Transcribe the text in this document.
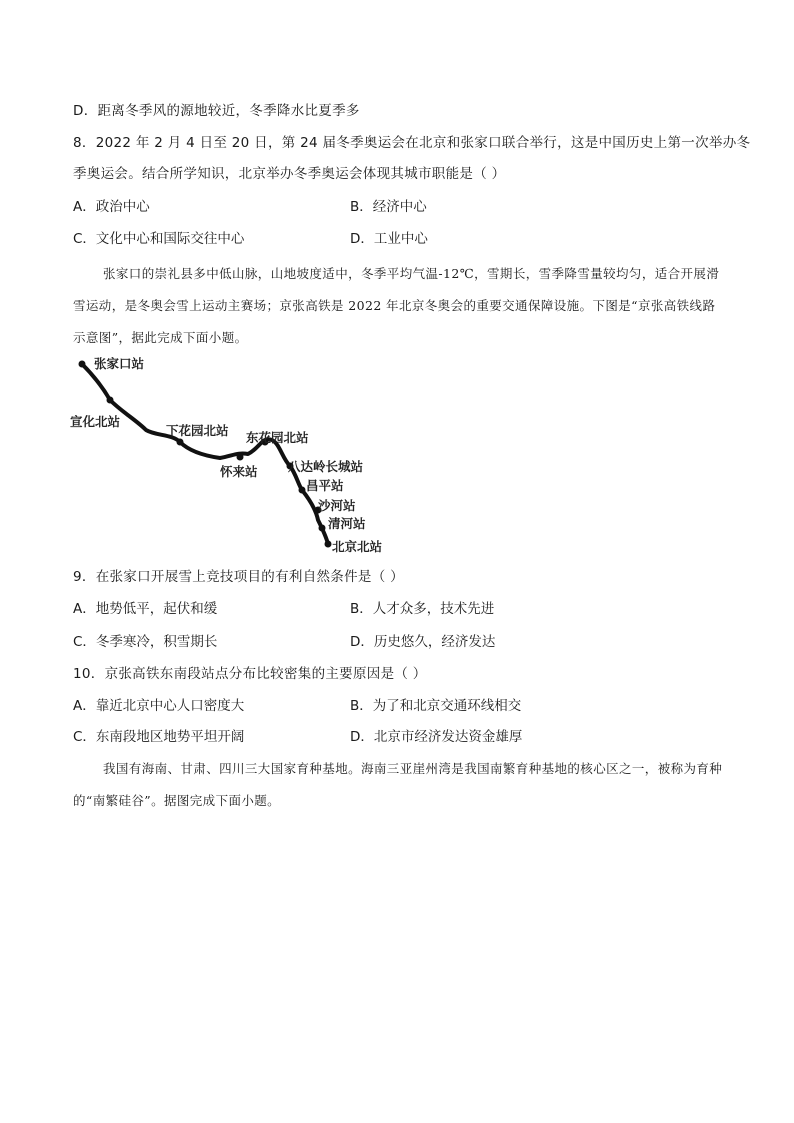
D．距离冬季风的源地较近，冬季降水比夏季多
8．2022 年 2 月 4 日至 20 日，第 24 届冬季奥运会在北京和张家口联合举行，这是中国历史上第一次举办冬
季奥运会。结合所学知识，北京举办冬季奥运会体现其城市职能是（ ）
A．政治中心	B．经济中心
C．文化中心和国际交往中心	D．工业中心
张家口的崇礼县多中低山脉，山地坡度适中，冬季平均气温-12℃，雪期长，雪季降雪量较均匀，适合开展滑雪运动，是冬奥会雪上运动主赛场；京张高铁是 2022 年北京冬奥会的重要交通保障设施。下图是“京张高铁线路示意图”，据此完成下面小题。
张家口站
宣化北站
下花园北站 东花园北站
怀来站 八达岭长城站
昌平站
沙河站
清河站
北京北站
9．在张家口开展雪上竞技项目的有利自然条件是（ ）
A．地势低平，起伏和缓	B．人才众多，技术先进
C．冬季寒冷，积雪期长	D．历史悠久，经济发达
10．京张高铁东南段站点分布比较密集的主要原因是（ ）
A．靠近北京中心人口密度大	B．为了和北京交通环线相交
C．东南段地区地势平坦开阔	D．北京市经济发达资金雄厚
我国有海南、甘肃、四川三大国家育种基地。海南三亚崖州湾是我国南繁育种基地的核心区之一，被称为育种的“南繁硅谷”。据图完成下面小题。
